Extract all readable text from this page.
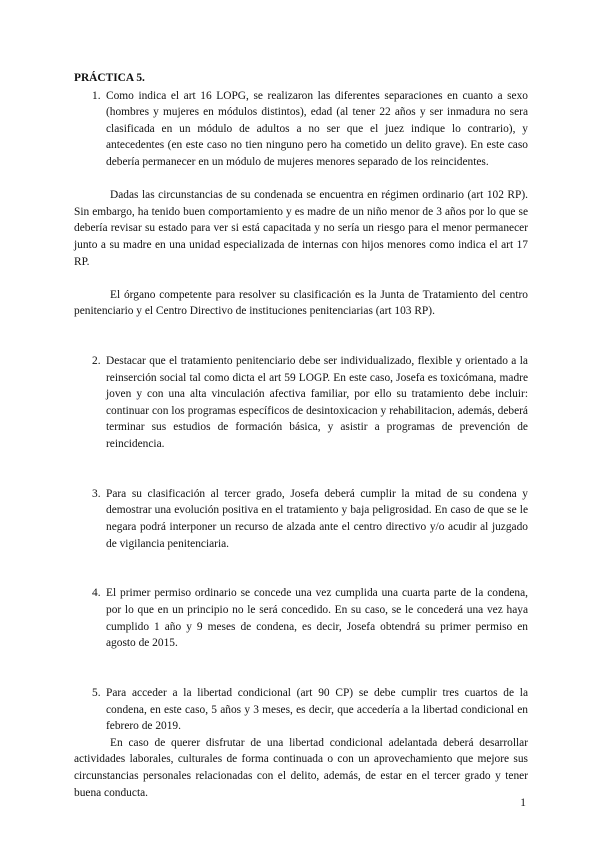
PRÁCTICA 5.
1. Como indica el art 16 LOPG, se realizaron las diferentes separaciones en cuanto a sexo (hombres y mujeres en módulos distintos), edad (al tener 22 años y ser inmadura no sera clasificada en un módulo de adultos a no ser que el juez indique lo contrario), y antecedentes (en este caso no tien ninguno pero ha cometido un delito grave). En este caso debería permanecer en un módulo de mujeres menores separado de los reincidentes.

Dadas las circunstancias de su condenada se encuentra en régimen ordinario (art 102 RP). Sin embargo, ha tenido buen comportamiento y es madre de un niño menor de 3 años por lo que se debería revisar su estado para ver si está capacitada y no sería un riesgo para el menor permanecer junto a su madre en una unidad especializada de internas con hijos menores como indica el art 17 RP.

El órgano competente para resolver su clasificación es la Junta de Tratamiento del centro penitenciario y el Centro Directivo de instituciones penitenciarias (art 103 RP).

2. Destacar que el tratamiento penitenciario debe ser individualizado, flexible y orientado a la reinserción social tal como dicta el art 59 LOGP. En este caso, Josefa es toxicómana, madre joven y con una alta vinculación afectiva familiar, por ello su tratamiento debe incluir: continuar con los programas específicos de desintoxicacion y rehabilitacion, además, deberá terminar sus estudios de formación básica, y asistir a programas de prevención de reincidencia.

3. Para su clasificación al tercer grado, Josefa deberá cumplir la mitad de su condena y demostrar una evolución positiva en el tratamiento y baja peligrosidad. En caso de que se le negara podrá interponer un recurso de alzada ante el centro directivo y/o acudir al juzgado de vigilancia penitenciaria.

4. El primer permiso ordinario se concede una vez cumplida una cuarta parte de la condena, por lo que en un principio no le será concedido. En su caso, se le concederá una vez haya cumplido 1 año y 9 meses de condena, es decir, Josefa obtendrá su primer permiso en agosto de 2015.

5. Para acceder a la libertad condicional (art 90 CP) se debe cumplir tres cuartos de la condena, en este caso, 5 años y 3 meses, es decir, que accedería a la libertad condicional en febrero de 2019.

En caso de querer disfrutar de una libertad condicional adelantada deberá desarrollar actividades laborales, culturales de forma continuada o con un aprovechamiento que mejore sus circunstancias personales relacionadas con el delito, además, de estar en el tercer grado y tener buena conducta.

1
